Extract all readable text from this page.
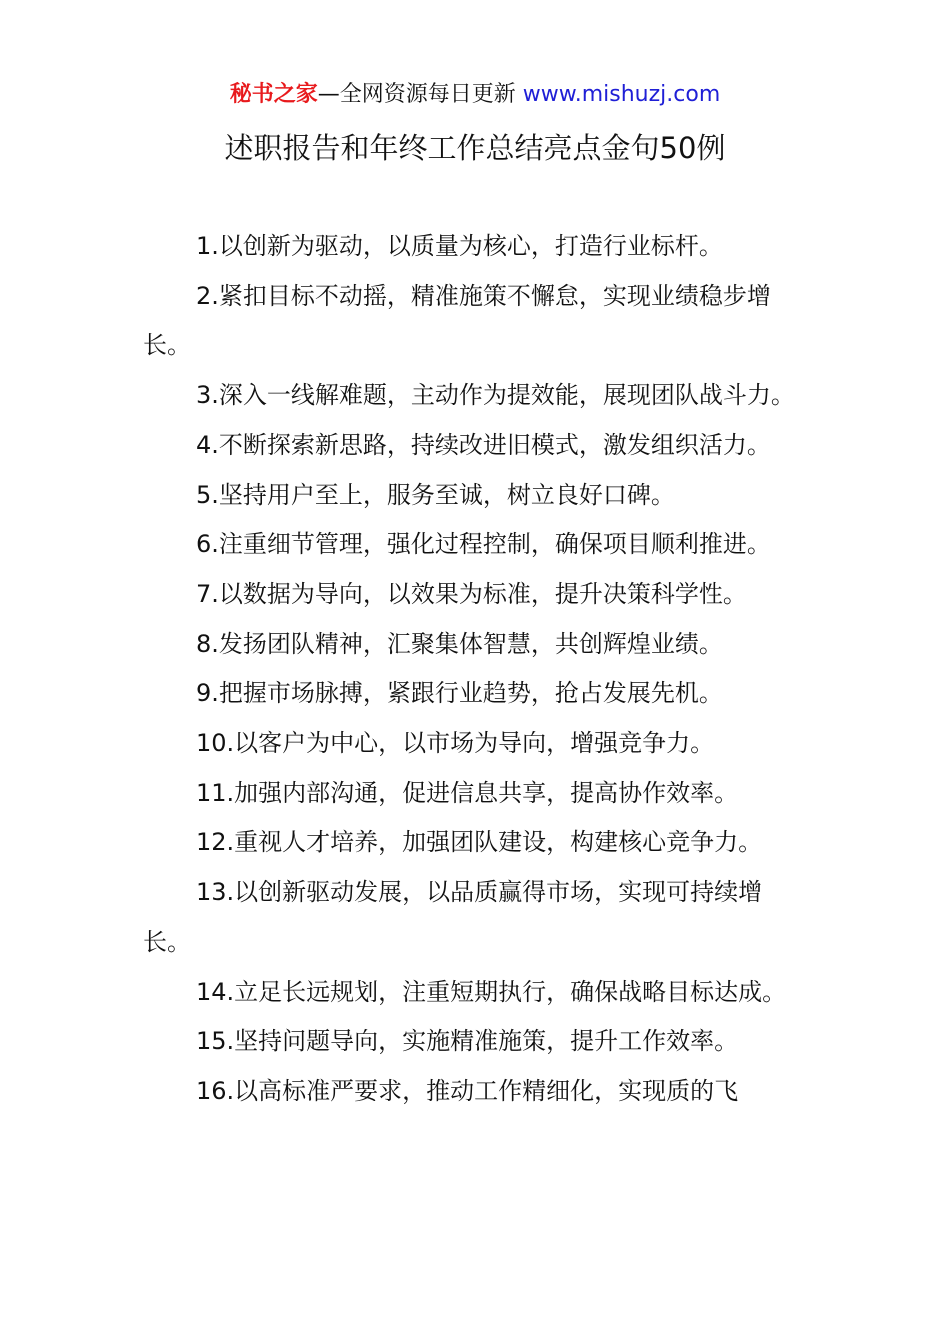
秘书之家—全网资源每日更新 www.mishuzj.com
述职报告和年终工作总结亮点金句50例

1.以创新为驱动，以质量为核心，打造行业标杆。

2.紧扣目标不动摇，精准施策不懈怠，实现业绩稳步增长。

3.深入一线解难题，主动作为提效能，展现团队战斗力。

4.不断探索新思路，持续改进旧模式，激发组织活力。

5.坚持用户至上，服务至诚，树立良好口碑。

6.注重细节管理，强化过程控制，确保项目顺利推进。

7.以数据为导向，以效果为标准，提升决策科学性。

8.发扬团队精神，汇聚集体智慧，共创辉煌业绩。

9.把握市场脉搏，紧跟行业趋势，抢占发展先机。

10.以客户为中心，以市场为导向，增强竞争力。

11.加强内部沟通，促进信息共享，提高协作效率。

12.重视人才培养，加强团队建设，构建核心竞争力。

13.以创新驱动发展，以品质赢得市场，实现可持续增长。

14.立足长远规划，注重短期执行，确保战略目标达成。

15.坚持问题导向，实施精准施策，提升工作效率。

16.以高标准严要求，推动工作精细化，实现质的飞
